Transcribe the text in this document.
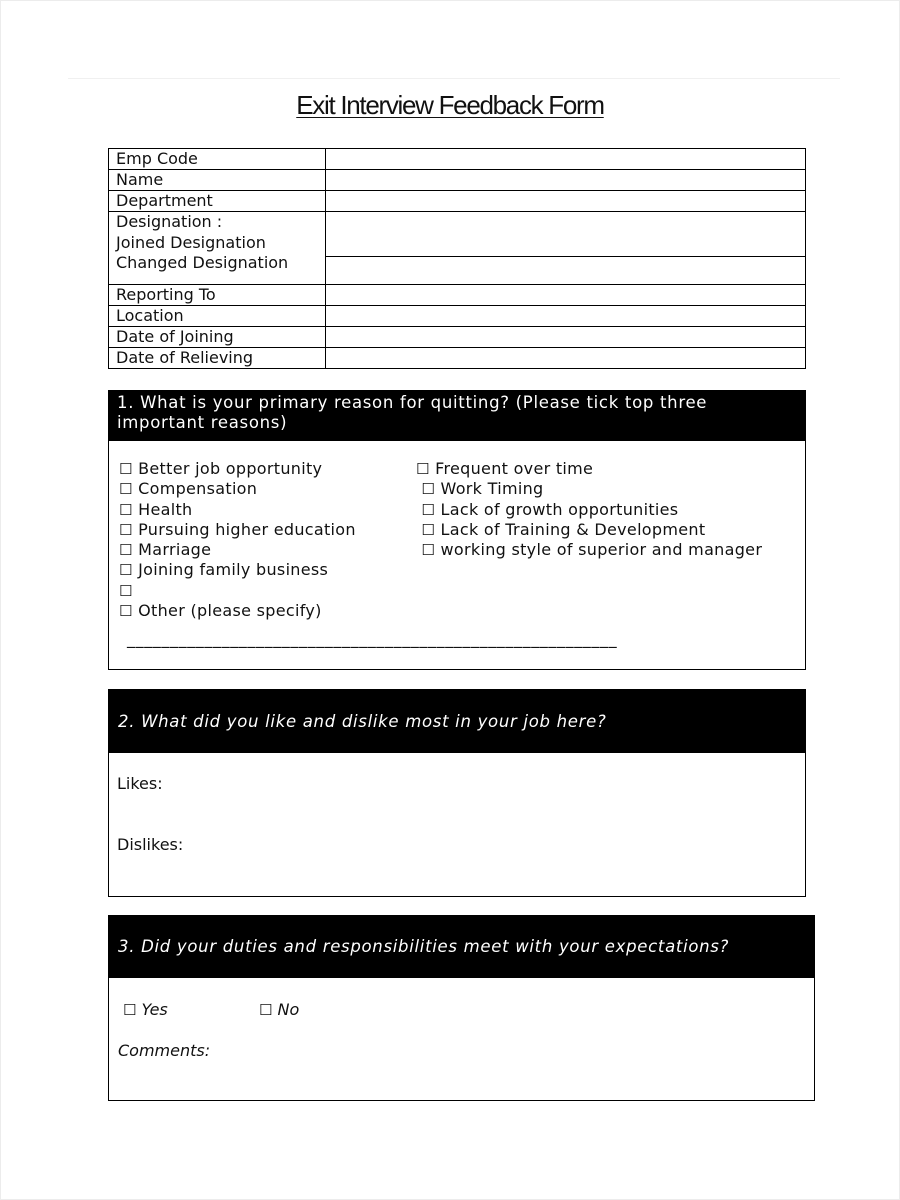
Exit Interview Feedback Form
Emp Code	
Name	
Department	

Designation :
Joined Designation
Changed Designation	

Reporting To	
Location	
Date of Joining	
Date of Relieving	
1. What is your primary reason for quitting? (Please tick top three
important reasons)
☐ Better job opportunity
☐ Compensation
☐ Health
☐ Pursuing higher education
☐ Marriage
☐ Joining family business
☐
☐ Other (please specify)
☐ Frequent over time
☐ Work Timing
☐ Lack of growth opportunities
☐ Lack of Training & Development
☐ working style of superior and manager
_________________________________________________________
2. What did you like and dislike most in your job here?
Likes:
Dislikes:
3. Did your duties and responsibilities meet with your expectations?
☐ Yes	☐ No
Comments:
